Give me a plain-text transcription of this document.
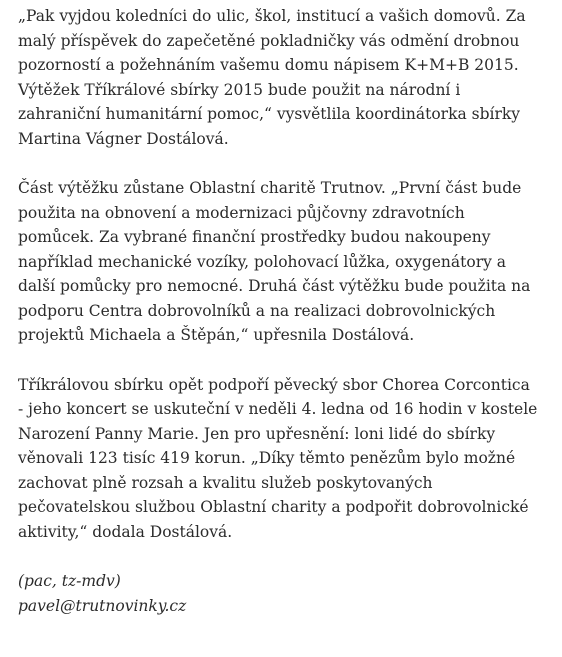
„Pak vyjdou koledníci do ulic, škol, institucí a vašich domovů. Za
malý příspěvek do zapečetěné pokladničky vás odmění drobnou
pozorností a požehnáním vašemu domu nápisem K+M+B 2015.
Výtěžek Tříkrálové sbírky 2015 bude použit na národní i
zahraniční humanitární pomoc,“ vysvětlila koordinátorka sbírky
Martina Vágner Dostálová.

Část výtěžku zůstane Oblastní charitě Trutnov. „První část bude
použita na obnovení a modernizaci půjčovny zdravotních
pomůcek. Za vybrané finanční prostředky budou nakoupeny
například mechanické vozíky, polohovací lůžka, oxygenátory a
další pomůcky pro nemocné. Druhá část výtěžku bude použita na
podporu Centra dobrovolníků a na realizaci dobrovolnických
projektů Michaela a Štěpán,“ upřesnila Dostálová.

Tříkrálovou sbírku opět podpoří pěvecký sbor Chorea Corcontica
- jeho koncert se uskuteční v neděli 4. ledna od 16 hodin v kostele
Narození Panny Marie. Jen pro upřesnění: loni lidé do sbírky
věnovali 123 tisíc 419 korun. „Díky těmto penězům bylo možné
zachovat plně rozsah a kvalitu služeb poskytovaných
pečovatelskou službou Oblastní charity a podpořit dobrovolnické
aktivity,“ dodala Dostálová.

(pac, tz-mdv)
pavel@trutnovinky.cz
